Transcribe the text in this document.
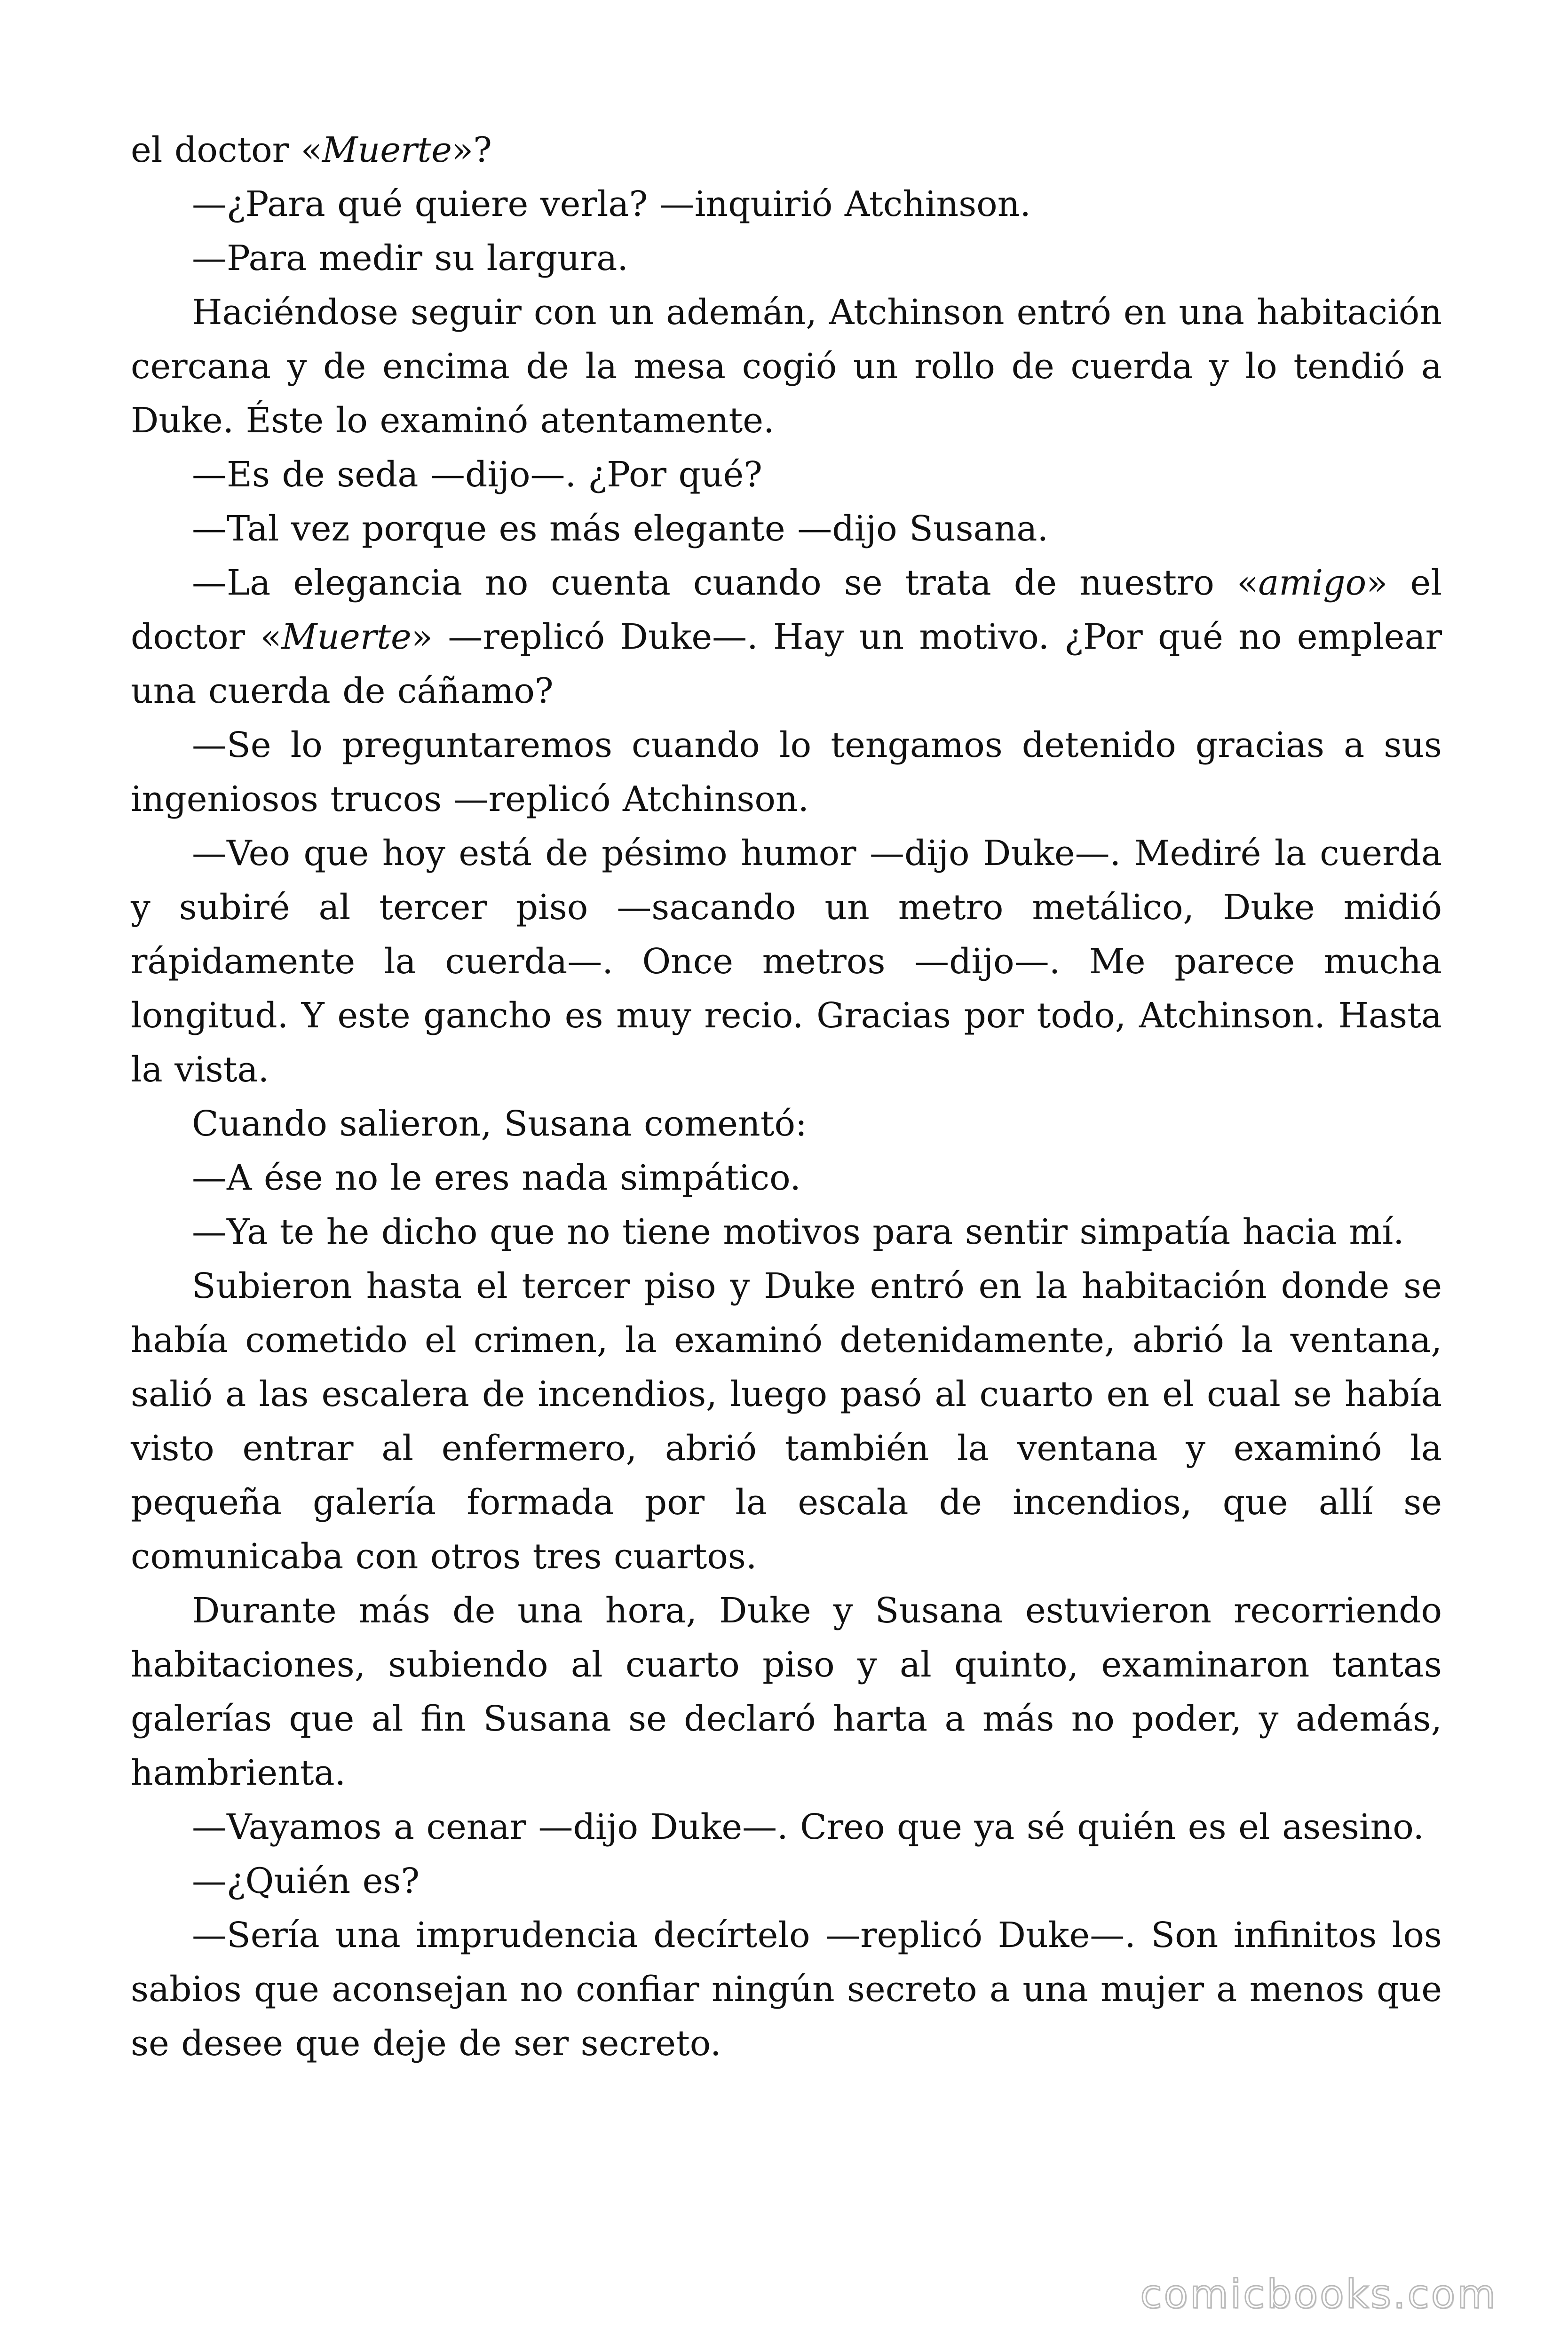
el doctor «Muerte»?

—¿Para qué quiere verla? —inquirió Atchinson.

—Para medir su largura.

Haciéndose seguir con un ademán, Atchinson entró en una habitación cercana y de encima de la mesa cogió un rollo de cuerda y lo tendió a Duke. Éste lo examinó atentamente.

—Es de seda —dijo—. ¿Por qué?

—Tal vez porque es más elegante —dijo Susana.

—La elegancia no cuenta cuando se trata de nuestro «amigo» el doctor «Muerte» —replicó Duke—. Hay un motivo. ¿Por qué no emplear una cuerda de cáñamo?

—Se lo preguntaremos cuando lo tengamos detenido gracias a sus ingeniosos trucos —replicó Atchinson.

—Veo que hoy está de pésimo humor —dijo Duke—. Mediré la cuerda y subiré al tercer piso —sacando un metro metálico, Duke midió rápidamente la cuerda—. Once metros —dijo—. Me parece mucha longitud. Y este gancho es muy recio. Gracias por todo, Atchinson. Hasta la vista.

Cuando salieron, Susana comentó:

—A ése no le eres nada simpático.

—Ya te he dicho que no tiene motivos para sentir simpatía hacia mí.

Subieron hasta el tercer piso y Duke entró en la habitación donde se había cometido el crimen, la examinó detenidamente, abrió la ventana, salió a las escalera de incendios, luego pasó al cuarto en el cual se había visto entrar al enfermero, abrió también la ventana y examinó la pequeña galería formada por la escala de incendios, que allí se comunicaba con otros tres cuartos.

Durante más de una hora, Duke y Susana estuvieron recorriendo habitaciones, subiendo al cuarto piso y al quinto, examinaron tantas galerías que al fin Susana se declaró harta a más no poder, y además, hambrienta.

—Vayamos a cenar —dijo Duke—. Creo que ya sé quién es el asesino.

—¿Quién es?

—Sería una imprudencia decírtelo —replicó Duke—. Son infinitos los sabios que aconsejan no confiar ningún secreto a una mujer a menos que se desee que deje de ser secreto.

comicbooks.com
